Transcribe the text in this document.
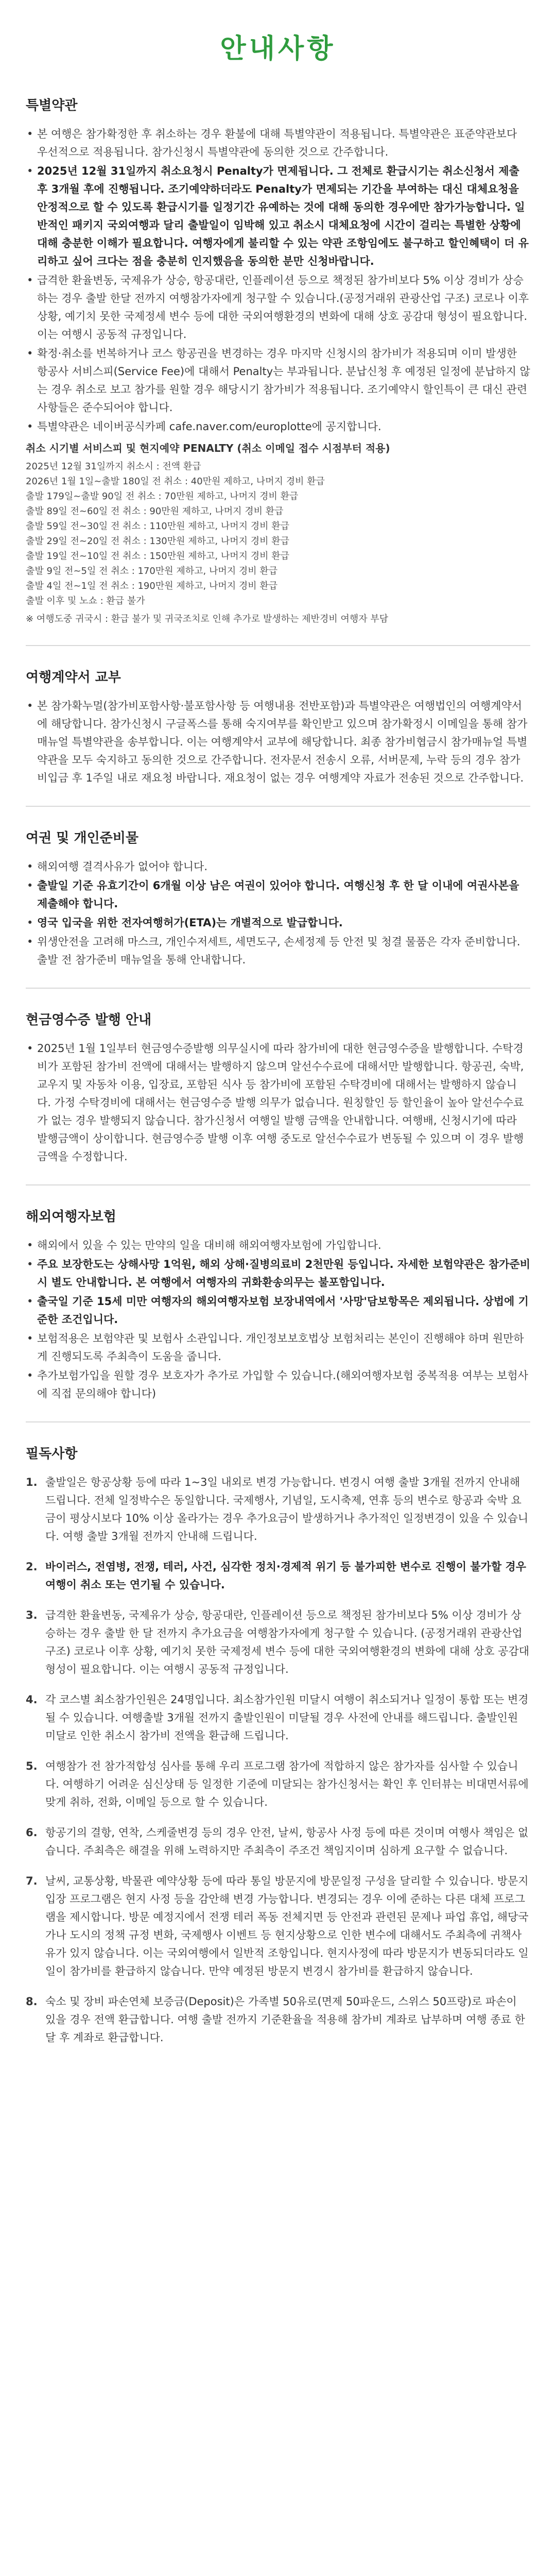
안내사항
특별약관
• 본 여행은 참가확정한 후 취소하는 경우 환불에 대해 특별약관이 적용됩니다. 특별약관은 표준약관보다 우선적으로 적용됩니다. 참가신청시 특별약관에 동의한 것으로 간주합니다.
• 2025년 12월 31일까지 취소요청시 Penalty가 면제됩니다. 그 전체로 환급시기는 취소신청서 제출 후 3개월 후에 진행됩니다. 조기예약하더라도 Penalty가 면제되는 기간을 부여하는 대신 대체요청을 안정적으로 할 수 있도록 환급시기를 일정기간 유예하는 것에 대해 동의한 경우에만 참가가능합니다. 일반적인 패키지 국외여행과 달리 출발일이 임박해 있고 취소시 대체요청에 시간이 걸리는 특별한 상황에 대해 충분한 이해가 필요합니다. 여행자에게 불리할 수 있는 약관 조항임에도 불구하고 할인혜택이 더 유리하고 싶어 크다는 점을 충분히 인지했음을 동의한 분만 신청바랍니다.
• 급격한 환율변동, 국제유가 상승, 항공대란, 인플레이션 등으로 책정된 참가비보다 5% 이상 경비가 상승하는 경우 출발 한달 전까지 여행참가자에게 청구할 수 있습니다.(공정거래위 관광산업 구조) 코로나 이후 상황, 예기치 못한 국제정세 변수 등에 대한 국외여행환경의 변화에 대해 상호 공감대 형성이 필요합니다. 이는 여행시 공동적 규정입니다.
• 확정·취소를 번복하거나 코스 항공권을 변경하는 경우 마지막 신청시의 참가비가 적용되며 이미 발생한 항공사 서비스피(Service Fee)에 대해서 Penalty는 부과됩니다. 분납신청 후 예정된 일정에 분납하지 않는 경우 취소로 보고 참가를 원할 경우 해당시기 참가비가 적용됩니다. 조기예약시 할인특이 큰 대신 관련 사항들은 준수되어야 합니다.
• 특별약관은 네이버공식카페 cafe.naver.com/europlotte에 공지합니다.
취소 시기별 서비스피 및 현지예약 PENALTY (취소 이메일 접수 시점부터 적용)
2025년 12월 31일까지 취소시 : 전액 환급
2026년 1월 1일~출발 180일 전 취소 : 40만원 제하고, 나머지 경비 환급
출발 179일~출발 90일 전 취소 : 70만원 제하고, 나머지 경비 환급
출발 89일 전~60일 전 취소 : 90만원 제하고, 나머지 경비 환급
출발 59일 전~30일 전 취소 : 110만원 제하고, 나머지 경비 환급
출발 29일 전~20일 전 취소 : 130만원 제하고, 나머지 경비 환급
출발 19일 전~10일 전 취소 : 150만원 제하고, 나머지 경비 환급
출발 9일 전~5일 전 취소 : 170만원 제하고, 나머지 경비 환급
출발 4일 전~1일 전 취소 : 190만원 제하고, 나머지 경비 환급
출발 이후 및 노쇼 : 환급 불가
※ 여행도중 귀국시 : 환급 불가 및 귀국조치로 인해 추가로 발생하는 제반경비 여행자 부담
여행계약서 교부
• 본 참가확누멀(참가비포함사항·불포함사항 등 여행내용 전반포함)과 특별약관은 여행법인의 여행계약서에 해당합니다. 참가신청시 구글폭스를 통해 숙지여부를 확인받고 있으며 참가확정시 이메일을 통해 참가매뉴얼 특별약관을 송부합니다. 이는 여행계약서 교부에 해당합니다. 최종 참가비협금시 참가매뉴얼 특별약관을 모두 숙지하고 동의한 것으로 간주합니다. 전자문서 전송시 오류, 서버문제, 누락 등의 경우 참가비입금 후 1주일 내로 재요청 바랍니다. 재요청이 없는 경우 여행계약 자료가 전송된 것으로 간주합니다.
여권 및 개인준비물
• 해외여행 결격사유가 없어야 합니다.
• 출발일 기준 유효기간이 6개월 이상 남은 여권이 있어야 합니다. 여행신청 후 한 달 이내에 여권사본을 제출해야 합니다.
• 영국 입국을 위한 전자여행허가(ETA)는 개별적으로 발급합니다.
• 위생안전을 고려해 마스크, 개인수저세트, 세면도구, 손세정제 등 안전 및 청결 물품은 각자 준비합니다. 출발 전 참가준비 매뉴얼을 통해 안내합니다.
현금영수증 발행 안내
• 2025년 1월 1일부터 현금영수증발행 의무실시에 따라 참가비에 대한 현금영수증을 발행합니다. 수탁경비가 포함된 참가비 전액에 대해서는 발행하지 않으며 알선수수료에 대해서만 발행합니다. 항공권, 숙박, 교우지 및 자동차 이용, 입장료, 포함된 식사 등 참가비에 포함된 수탁경비에 대해서는 발행하지 않습니다. 가정 수탁경비에 대해서는 현금영수증 발행 의무가 없습니다. 원칭할인 등 할인율이 높아 알선수수료가 없는 경우 발행되지 않습니다. 참가신청서 여행일 발행 금액을 안내합니다. 여행배, 신청시기에 따라 발행금액이 상이합니다. 현금영수증 발행 이후 여행 중도로 알선수수료가 변동될 수 있으며 이 경우 발행금액을 수정합니다.
해외여행자보험
• 해외에서 있을 수 있는 만약의 일을 대비해 해외여행자보험에 가입합니다.
• 주요 보장한도는 상해사망 1억원, 해외 상해·질병의료비 2천만원 등입니다. 자세한 보험약관은 참가준비 시 별도 안내합니다. 본 여행에서 여행자의 귀화환송의무는 불포함입니다.
• 출국일 기준 15세 미만 여행자의 해외여행자보험 보장내역에서 '사망'담보항목은 제외됩니다. 상법에 기준한 조건입니다.
• 보험적용은 보험약관 및 보험사 소관입니다. 개인정보보호법상 보험처리는 본인이 진행해야 하며 원만하게 진행되도록 주최측이 도움을 줍니다.
• 추가보험가입을 원할 경우 보호자가 추가로 가입할 수 있습니다.(해외여행자보험 중복적용 여부는 보험사에 직접 문의해야 합니다)
필독사항
1. 출발일은 항공상황 등에 따라 1~3일 내외로 변경 가능합니다. 변경시 여행 출발 3개월 전까지 안내해 드립니다. 전체 일정박수은 동일합니다. 국제행사, 기념일, 도시축제, 연휴 등의 변수로 항공과 숙박 요금이 평상시보다 10% 이상 올라가는 경우 추가요금이 발생하거나 추가적인 일정변경이 있을 수 있습니다. 여행 출발 3개월 전까지 안내해 드립니다.
2. 바이러스, 전염병, 전쟁, 테러, 사건, 심각한 정치·경제적 위기 등 불가피한 변수로 진행이 불가할 경우 여행이 취소 또는 연기될 수 있습니다.
3. 급격한 환율변동, 국제유가 상승, 항공대란, 인플레이션 등으로 책정된 참가비보다 5% 이상 경비가 상승하는 경우 출발 한 달 전까지 추가요금을 여행참가자에게 청구할 수 있습니다. (공정거래위 관광산업 구조) 코로나 이후 상황, 예기치 못한 국제정세 변수 등에 대한 국외여행환경의 변화에 대해 상호 공감대 형성이 필요합니다. 이는 여행시 공동적 규정입니다.
4. 각 코스별 최소참가인원은 24명입니다. 최소참가인원 미달시 여행이 취소되거나 일정이 통합 또는 변경될 수 있습니다. 여행출발 3개월 전까지 출발인원이 미달될 경우 사전에 안내를 해드립니다. 출발인원 미달로 인한 취소시 참가비 전액을 환급해 드립니다.
5. 여행참가 전 참가적합성 심사를 통해 우리 프로그램 참가에 적합하지 않은 참가자를 심사할 수 있습니다. 여행하기 어려운 심신상태 등 일정한 기준에 미달되는 참가신청서는 확인 후 인터뷰는 비대면서류에 맞게 취하, 전화, 이메일 등으로 할 수 있습니다.
6. 항공기의 결항, 연착, 스케줄변경 등의 경우 안전, 날씨, 항공사 사정 등에 따른 것이며 여행사 책임은 없습니다. 주최측은 해결을 위해 노력하지만 주최측이 주조건 책임지이며 심하게 요구할 수 없습니다.
7. 날씨, 교통상황, 박물관 예약상황 등에 따라 통일 방문지에 방문일정 구성을 달리할 수 있습니다. 방문지 입장 프로그램은 현지 사정 등을 감안해 변경 가능합니다. 변경되는 경우 이에 준하는 다른 대체 프로그램을 제시합니다. 방문 예정지에서 전쟁 테러 폭동 전체지면 등 안전과 관련된 문제나 파업 휴업, 해당국가나 도시의 정책 규정 변화, 국제행사 이벤트 등 현지상황으로 인한 변수에 대해서도 주최측에 귀책사유가 있지 않습니다. 이는 국외여행에서 일반적 조항입니다. 현지사정에 따라 방문지가 변동되더라도 일일이 참가비를 환급하지 않습니다. 만약 예정된 방문지 변경시 참가비를 환급하지 않습니다.
8. 숙소 및 장비 파손연체 보증금(Deposit)은 가족별 50유로(면제 50파운드, 스위스 50프랑)로 파손이 있을 경우 전액 환급합니다. 여행 출발 전까지 기준환율을 적용해 참가비 계좌로 납부하며 여행 종료 한달 후 계좌로 환급합니다.
